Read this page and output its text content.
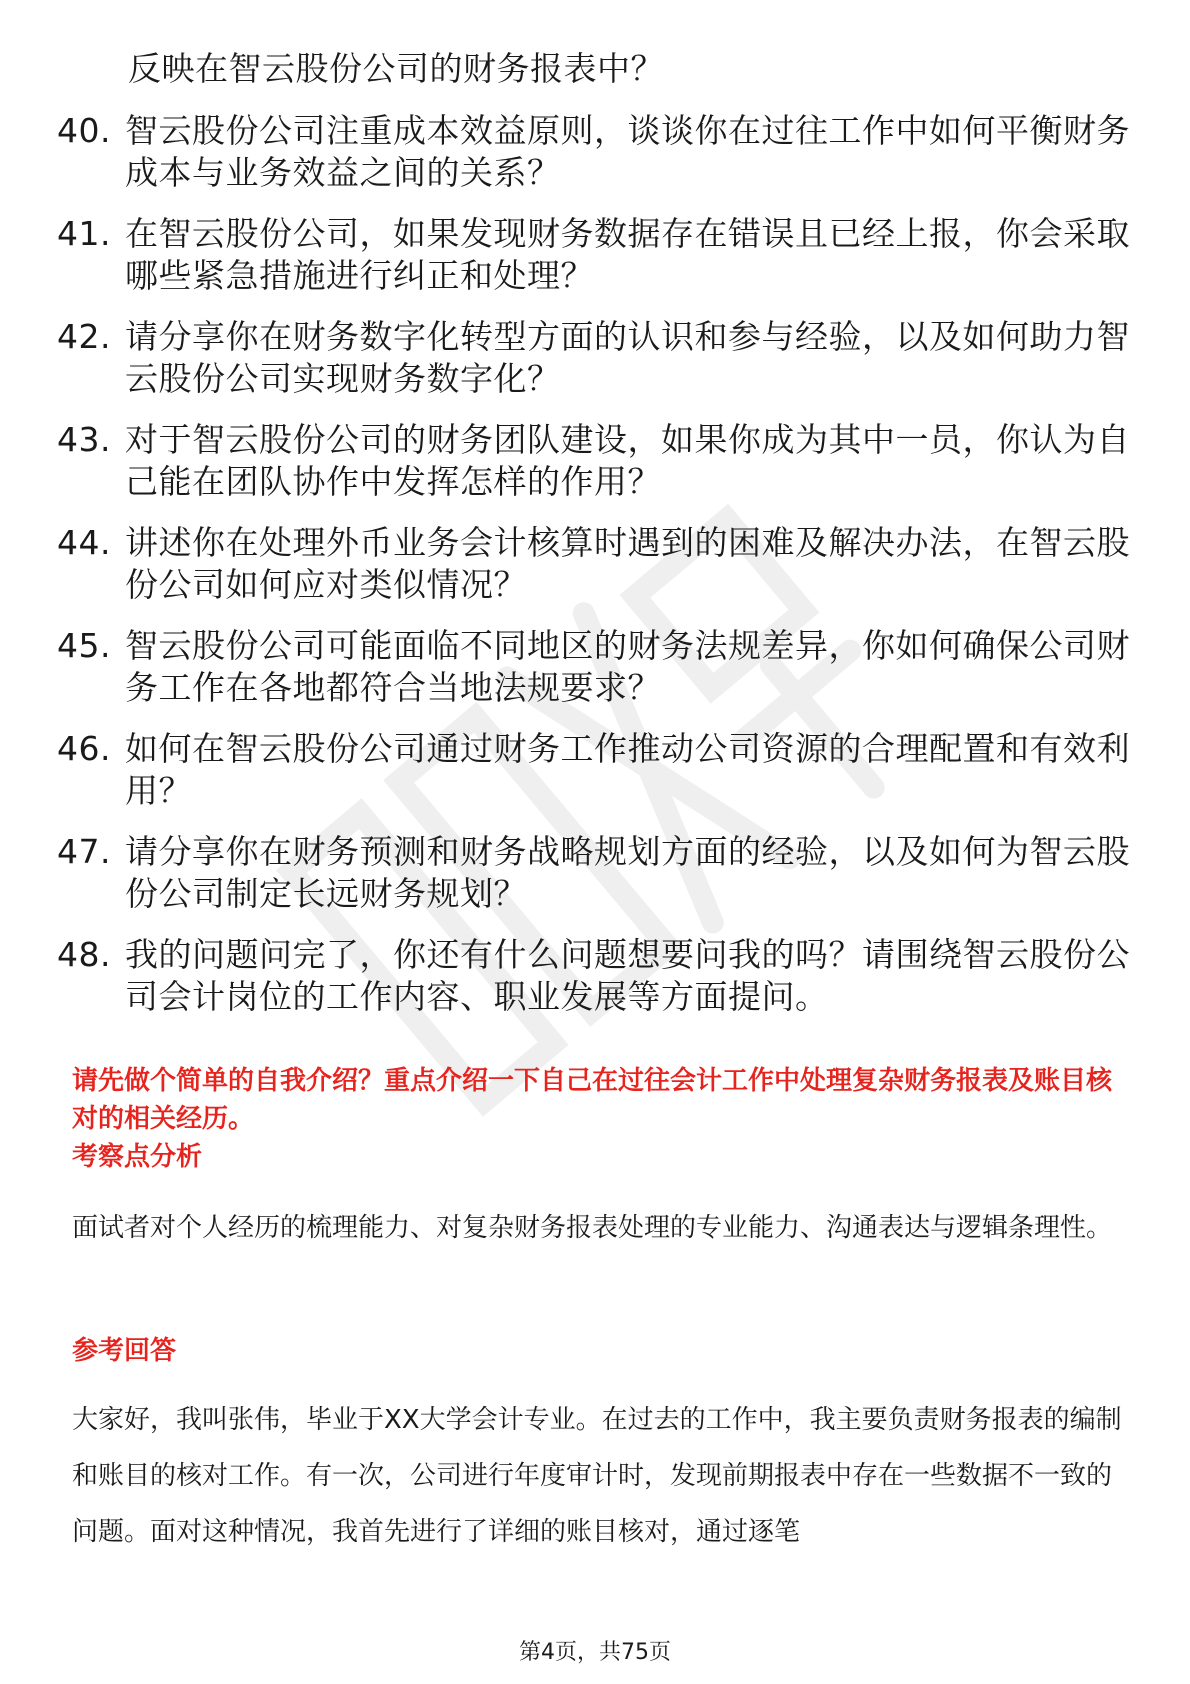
反映在智云股份公司的财务报表中？
40. 智云股份公司注重成本效益原则，谈谈你在过往工作中如何平衡财务成本与业务效益之间的关系？
41. 在智云股份公司，如果发现财务数据存在错误且已经上报，你会采取哪些紧急措施进行纠正和处理？
42. 请分享你在财务数字化转型方面的认识和参与经验，以及如何助力智云股份公司实现财务数字化？
43. 对于智云股份公司的财务团队建设，如果你成为其中一员，你认为自己能在团队协作中发挥怎样的作用？
44. 讲述你在处理外币业务会计核算时遇到的困难及解决办法，在智云股份公司如何应对类似情况？
45. 智云股份公司可能面临不同地区的财务法规差异，你如何确保公司财务工作在各地都符合当地法规要求？
46. 如何在智云股份公司通过财务工作推动公司资源的合理配置和有效利用？
47. 请分享你在财务预测和财务战略规划方面的经验，以及如何为智云股份公司制定长远财务规划？
48. 我的问题问完了，你还有什么问题想要问我的吗？请围绕智云股份公司会计岗位的工作内容、职业发展等方面提问。
请先做个简单的自我介绍？重点介绍一下自己在过往会计工作中处理复杂财务报表及账目核对的相关经历。
考察点分析
面试者对个人经历的梳理能力、对复杂财务报表处理的专业能力、沟通表达与逻辑条理性。
参考回答
大家好，我叫张伟，毕业于XX大学会计专业。在过去的工作中，我主要负责财务报表的编制和账目的核对工作。有一次，公司进行年度审计时，发现前期报表中存在一些数据不一致的问题。面对这种情况，我首先进行了详细的账目核对，通过逐笔
第4页，共75页
